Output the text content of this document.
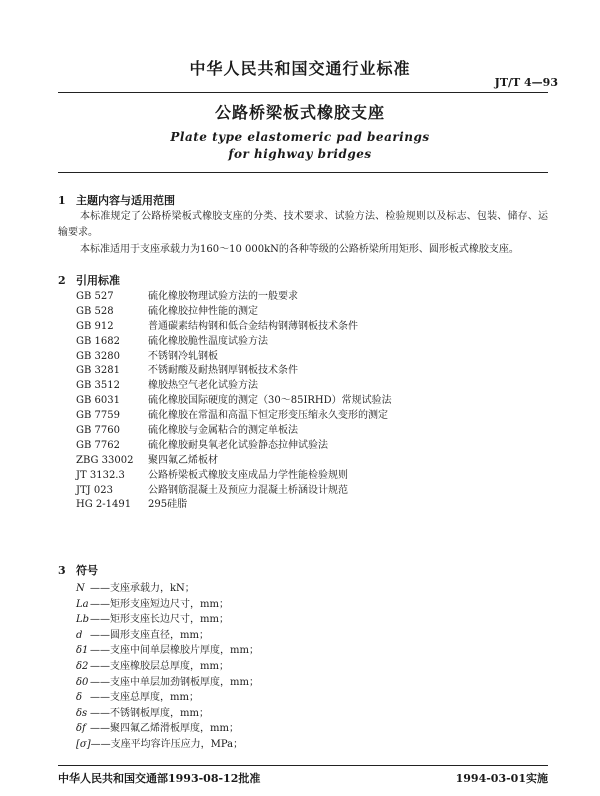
中华人民共和国交通行业标准
JT/T 4—93
公路桥梁板式橡胶支座
Plate type elastomeric pad bearings
for highway bridges
1 主题内容与适用范围
本标准规定了公路桥梁板式橡胶支座的分类、技术要求、试验方法、检验规则以及标志、包装、储存、运输要求。
本标准适用于支座承载力为160～10 000kN的各种等级的公路桥梁所用矩形、圆形板式橡胶支座。
2 引用标准
GB 527	硫化橡胶物理试验方法的一般要求
GB 528	硫化橡胶拉伸性能的测定
GB 912	普通碳素结构钢和低合金结构钢薄钢板技术条件
GB 1682	硫化橡胶脆性温度试验方法
GB 3280	不锈钢冷轧钢板
GB 3281	不锈耐酸及耐热钢厚钢板技术条件
GB 3512	橡胶热空气老化试验方法
GB 6031	硫化橡胶国际硬度的测定（30～85IRHD）常规试验法
GB 7759	硫化橡胶在常温和高温下恒定形变压缩永久变形的测定
GB 7760	硫化橡胶与金属粘合的测定单板法
GB 7762	硫化橡胶耐臭氧老化试验静态拉伸试验法
ZBG 33002 聚四氟乙烯板材
JT 3132.3 公路桥梁板式橡胶支座成品力学性能检验规则
JTJ 023	公路钢筋混凝土及预应力混凝土桥涵设计规范
HG 2-1491 295硅脂
3 符号
N ——支座承载力，kN；
La——矩形支座短边尺寸，mm；
Lb——矩形支座长边尺寸，mm；
d ——圆形支座直径，mm；
δ1 ——支座中间单层橡胶片厚度，mm；
δ2 ——支座橡胶层总厚度，mm；
δ0 ——支座中单层加劲钢板厚度，mm；
δ ——支座总厚度，mm；
δs ——不锈钢板厚度，mm；
δf ——聚四氟乙烯滑板厚度，mm；
[σ]——支座平均容许压应力，MPa；
中华人民共和国交通部1993-08-12批准	1994-03-01实施
